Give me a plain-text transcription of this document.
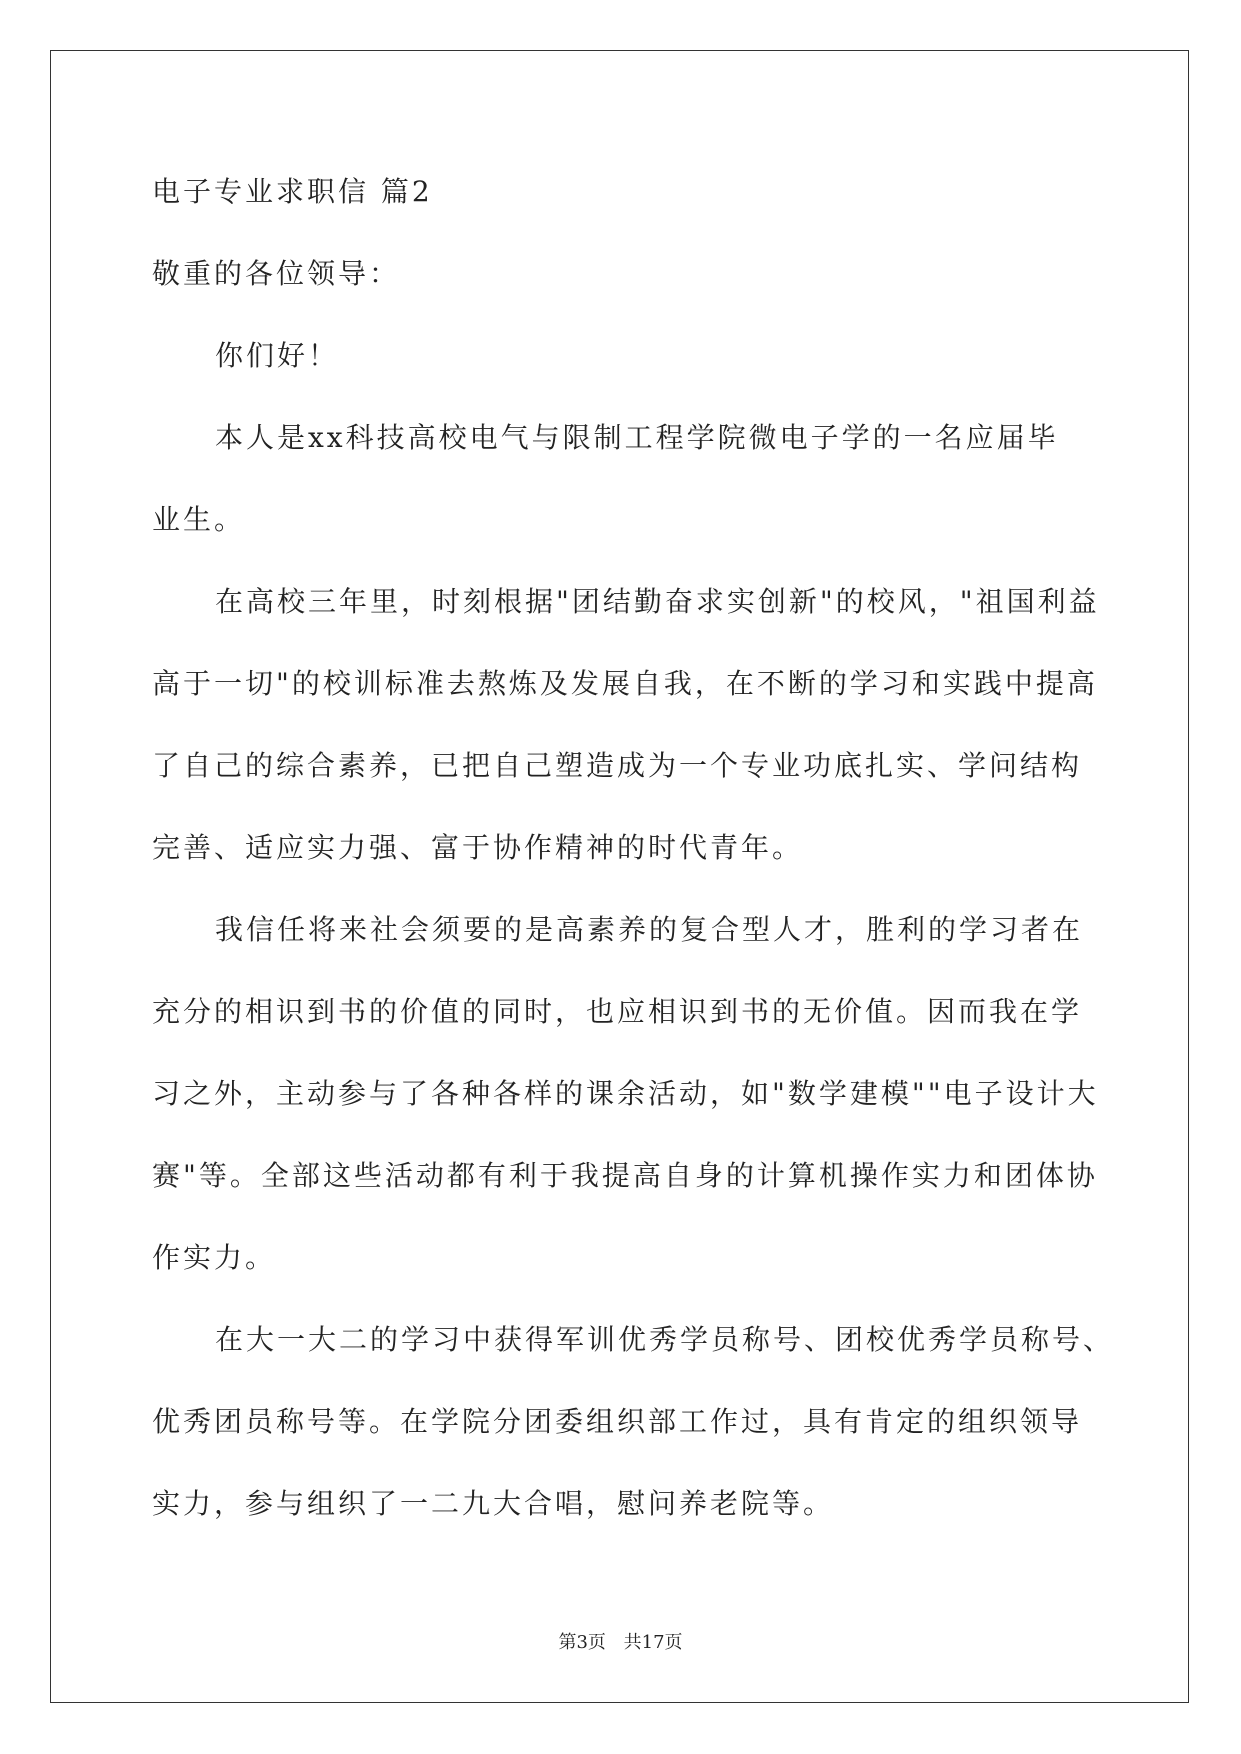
电子专业求职信 篇2
敬重的各位领导：
你们好！
本人是xx科技高校电气与限制工程学院微电子学的一名应届毕
业生。
在高校三年里，时刻根据"团结勤奋求实创新"的校风，"祖国利益
高于一切"的校训标准去熬炼及发展自我，在不断的学习和实践中提高
了自己的综合素养，已把自己塑造成为一个专业功底扎实、学问结构
完善、适应实力强、富于协作精神的时代青年。
我信任将来社会须要的是高素养的复合型人才，胜利的学习者在
充分的相识到书的价值的同时，也应相识到书的无价值。因而我在学
习之外，主动参与了各种各样的课余活动，如"数学建模""电子设计大
赛"等。全部这些活动都有利于我提高自身的计算机操作实力和团体协
作实力。
在大一大二的学习中获得军训优秀学员称号、团校优秀学员称号、
优秀团员称号等。在学院分团委组织部工作过，具有肯定的组织领导
实力，参与组织了一二九大合唱，慰问养老院等。
第3页 共17页
